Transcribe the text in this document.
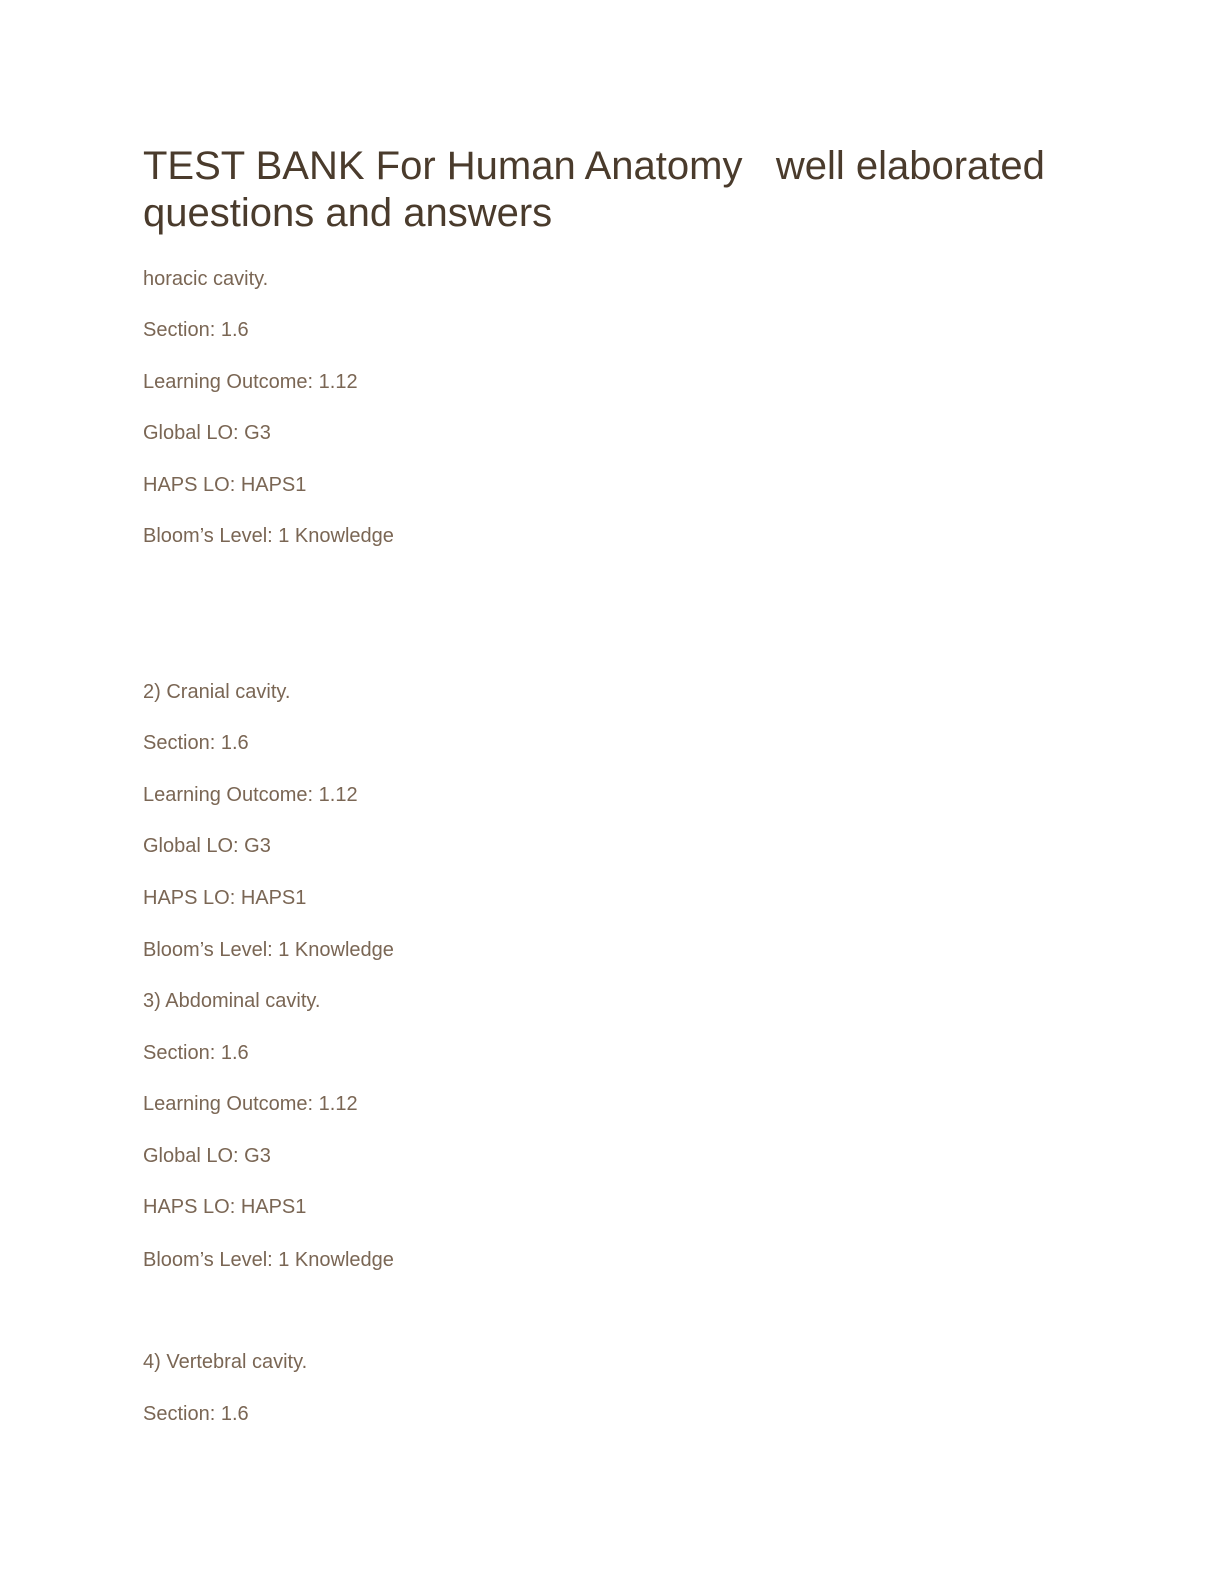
TEST BANK For Human Anatomy   well elaborated questions and answers

horacic cavity.

Section: 1.6

Learning Outcome: 1.12

Global LO: G3

HAPS LO: HAPS1

Bloom’s Level: 1 Knowledge

2) Cranial cavity.

Section: 1.6

Learning Outcome: 1.12

Global LO: G3

HAPS LO: HAPS1

Bloom’s Level: 1 Knowledge

3) Abdominal cavity.

Section: 1.6

Learning Outcome: 1.12

Global LO: G3

HAPS LO: HAPS1

Bloom’s Level: 1 Knowledge

4) Vertebral cavity.

Section: 1.6
